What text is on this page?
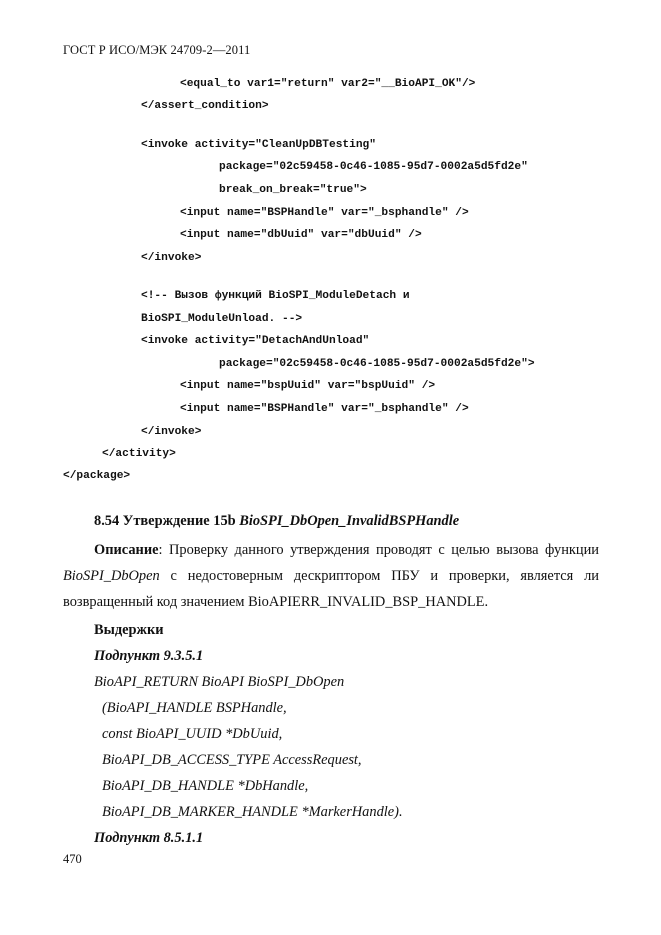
ГОСТ Р ИСО/МЭК 24709-2—2011

<equal_to var1="return" var2="__BioAPI_OK"/>

</assert_condition>

<invoke activity="CleanUpDBTesting"

package="02c59458-0c46-1085-95d7-0002a5d5fd2e"

break_on_break="true">

<input name="BSPHandle" var="_bsphandle" />

<input name="dbUuid" var="dbUuid" />

</invoke>

<!-- Вызов функций BioSPI_ModuleDetach и

BioSPI_ModuleUnload. -->

<invoke activity="DetachAndUnload"

package="02c59458-0c46-1085-95d7-0002a5d5fd2e">

<input name="bspUuid" var="bspUuid" />

<input name="BSPHandle" var="_bsphandle" />

</invoke>

</activity>

</package>

8.54 Утверждение 15b BioSPI_DbOpen_InvalidBSPHandle
Описание: Проверку данного утверждения проводят с целью вызова функции
BioSPI_DbOpen с недостоверным дескриптором ПБУ и проверки, является ли возвращенный код значением BioAPIERR_INVALID_BSP_HANDLE.
Выдержки
Подпункт 9.3.5.1
BioAPI_RETURN BioAPI BioSPI_DbOpen
(BioAPI_HANDLE BSPHandle,
const BioAPI_UUID *DbUuid,
BioAPI_DB_ACCESS_TYPE AccessRequest,
BioAPI_DB_HANDLE *DbHandle,
BioAPI_DB_MARKER_HANDLE *MarkerHandle).
Подпункт 8.5.1.1
470
